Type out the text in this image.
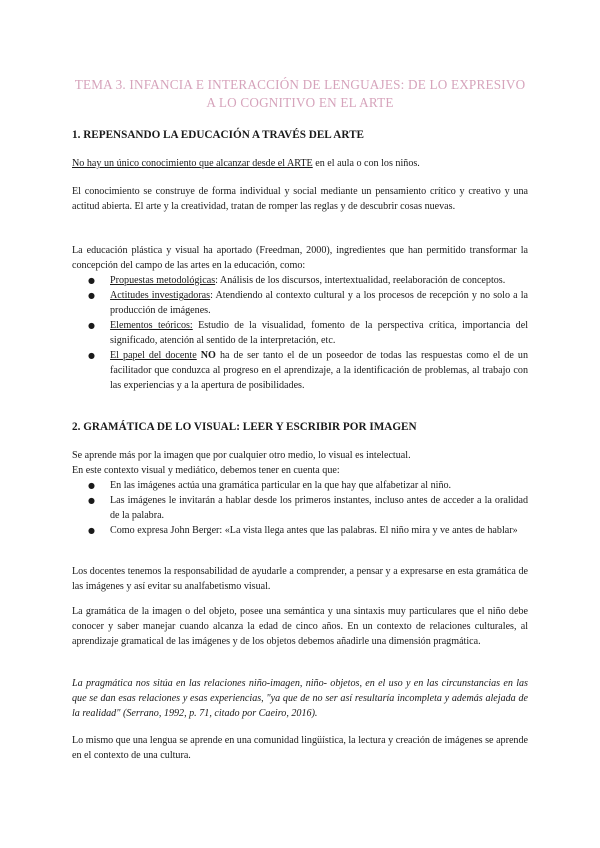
TEMA 3. INFANCIA E INTERACCIÓN DE LENGUAJES: DE LO EXPRESIVO A LO COGNITIVO EN EL ARTE
1. REPENSANDO LA EDUCACIÓN A TRAVÉS DEL ARTE

No hay un único conocimiento que alcanzar desde el ARTE en el aula o con los niños.

El conocimiento se construye de forma individual y social mediante un pensamiento crítico y creativo y una actitud abierta. El arte y la creatividad, tratan de romper las reglas y de descubrir cosas nuevas.

La educación plástica y visual ha aportado (Freedman, 2000), ingredientes que han permitido transformar la concepción del campo de las artes en la educación, como:

● Propuestas metodológicas: Análisis de los discursos, intertextualidad, reelaboración de conceptos.
● Actitudes investigadoras: Atendiendo al contexto cultural y a los procesos de recepción y no solo a la producción de imágenes.
● Elementos teóricos: Estudio de la visualidad, fomento de la perspectiva crítica, importancia del significado, atención al sentido de la interpretación, etc.
● El papel del docente NO ha de ser tanto el de un poseedor de todas las respuestas como el de un facilitador que conduzca al progreso en el aprendizaje, a la identificación de problemas, al trabajo con las experiencias y a la apertura de posibilidades.
2. GRAMÁTICA DE LO VISUAL: LEER Y ESCRIBIR POR IMAGEN

Se aprende más por la imagen que por cualquier otro medio, lo visual es intelectual.

En este contexto visual y mediático, debemos tener en cuenta que:

● En las imágenes actúa una gramática particular en la que hay que alfabetizar al niño.
● Las imágenes le invitarán a hablar desde los primeros instantes, incluso antes de acceder a la oralidad de la palabra.
● Como expresa John Berger: «La vista llega antes que las palabras. El niño mira y ve antes de hablar»

Los docentes tenemos la responsabilidad de ayudarle a comprender, a pensar y a expresarse en esta gramática de las imágenes y así evitar su analfabetismo visual.

La gramática de la imagen o del objeto, posee una semántica y una sintaxis muy particulares que el niño debe conocer y saber manejar cuando alcanza la edad de cinco años. En un contexto de relaciones culturales, al aprendizaje gramatical de las imágenes y de los objetos debemos añadirle una dimensión pragmática.

La pragmática nos sitúa en las relaciones niño-imagen, niño- objetos, en el uso y en las circunstancias en las que se dan esas relaciones y esas experiencias, "ya que de no ser así resultaría incompleta y además alejada de la realidad" (Serrano, 1992, p. 71, citado por Caeiro, 2016).

Lo mismo que una lengua se aprende en una comunidad lingüística, la lectura y creación de imágenes se aprende en el contexto de una cultura.
